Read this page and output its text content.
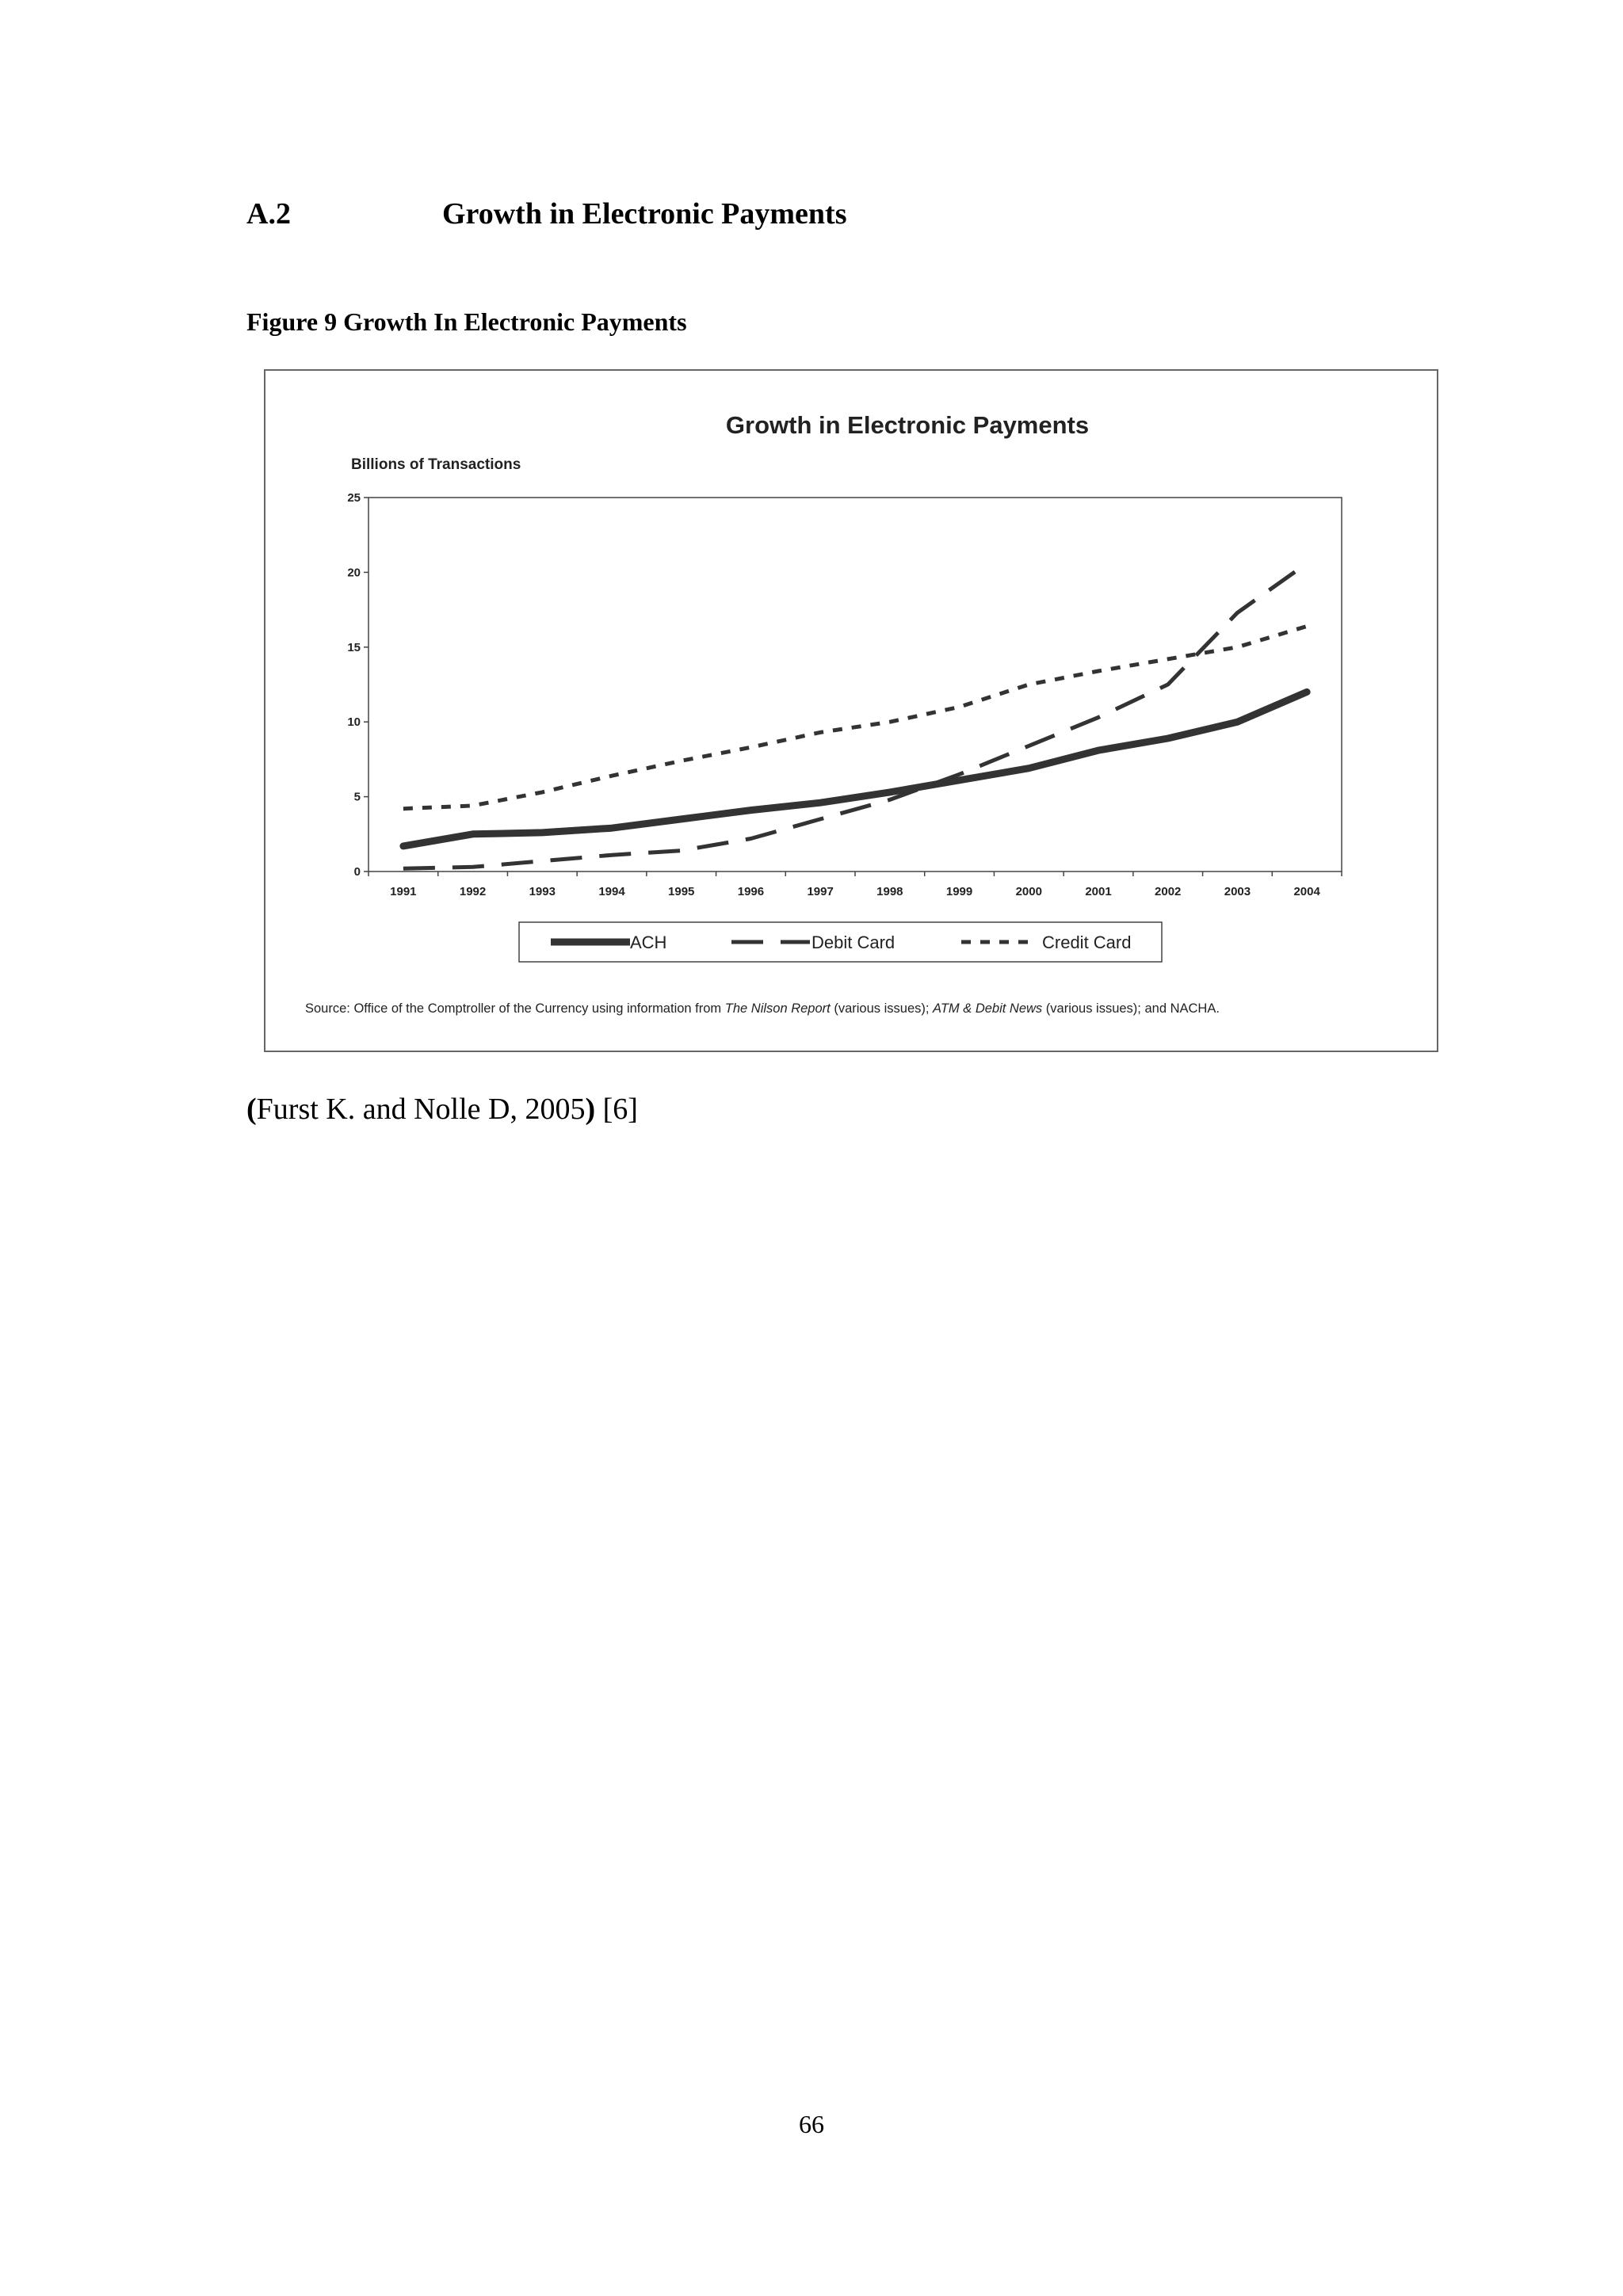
A.2	Growth in Electronic Payments
Figure 9 Growth In Electronic Payments
Growth in Electronic Payments
Billions of Transactions
0
5
10
15
20
25
1991	1992	1993	1994	1995	1996	1997	1998	1999	2000	2001	2002	2003	2004
ACH	Debit Card	Credit Card
Source: Office of the Comptroller of the Currency using information from The Nilson Report (various issues); ATM & Debit News (various issues); and NACHA.
(Furst K. and Nolle D, 2005) [6]
66
